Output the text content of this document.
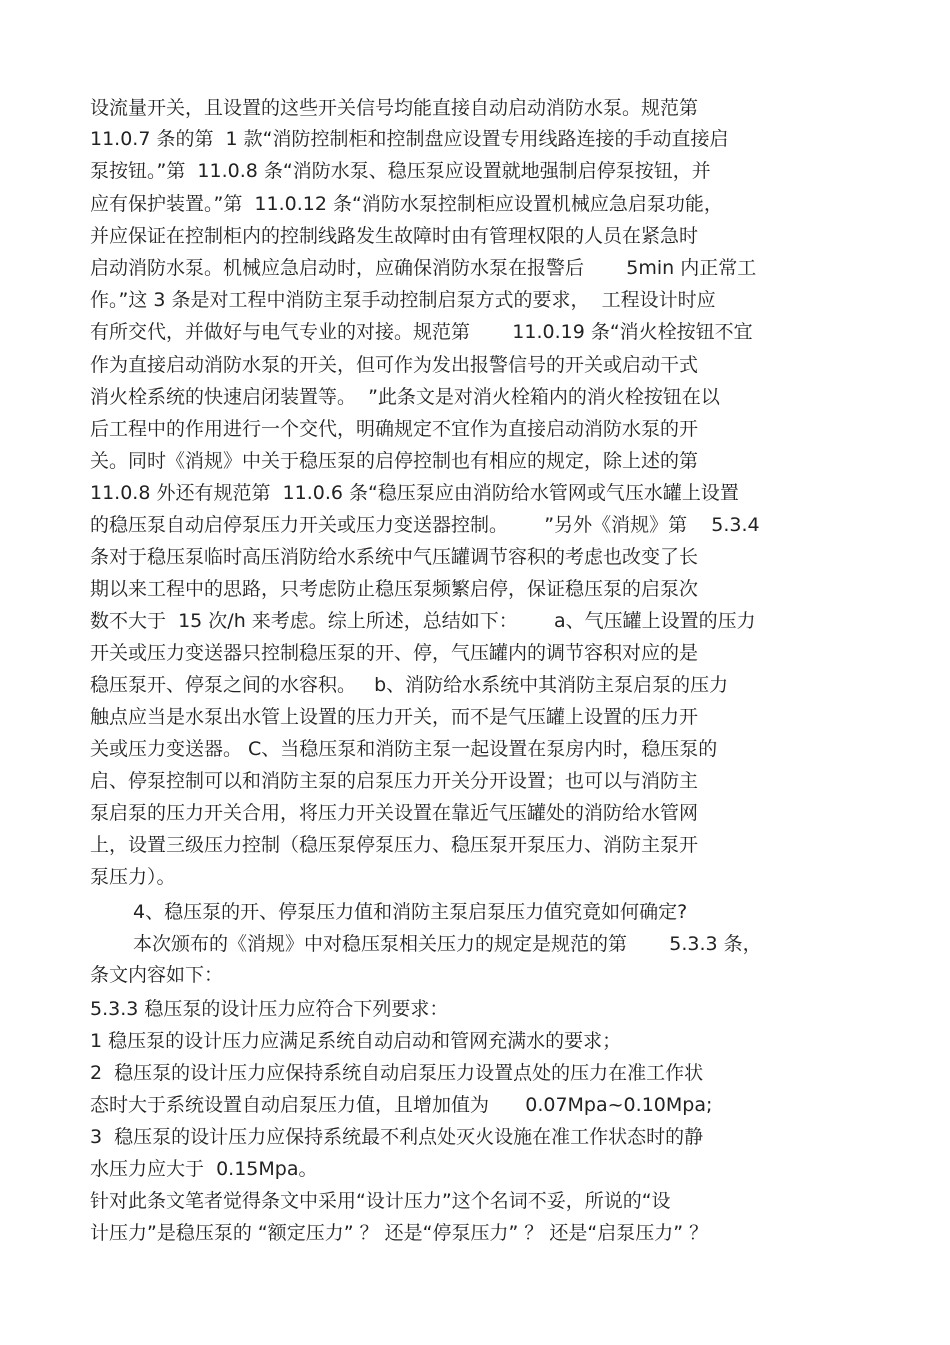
设流量开关，且设置的这些开关信号均能直接自动启动消防水泵。规范第
11.0.7 条的第  1 款“消防控制柜和控制盘应设置专用线路连接的手动直接启
泵按钮。”第  11.0.8 条“消防水泵、稳压泵应设置就地强制启停泵按钮，并
应有保护装置。”第  11.0.12 条“消防水泵控制柜应设置机械应急启泵功能，
并应保证在控制柜内的控制线路发生故障时由有管理权限的人员在紧急时
启动消防水泵。机械应急启动时，应确保消防水泵在报警后       5min 内正常工
作。”这 3 条是对工程中消防主泵手动控制启泵方式的要求，  工程设计时应
有所交代，并做好与电气专业的对接。规范第       11.0.19 条“消火栓按钮不宜
作为直接启动消防水泵的开关，但可作为发出报警信号的开关或启动干式
消火栓系统的快速启闭装置等。  ”此条文是对消火栓箱内的消火栓按钮在以
后工程中的作用进行一个交代，明确规定不宜作为直接启动消防水泵的开
关。同时《消规》中关于稳压泵的启停控制也有相应的规定，除上述的第
11.0.8 外还有规范第  11.0.6 条“稳压泵应由消防给水管网或气压水罐上设置
的稳压泵自动启停泵压力开关或压力变送器控制。      ”另外《消规》第    5.3.4
条对于稳压泵临时高压消防给水系统中气压罐调节容积的考虑也改变了长
期以来工程中的思路，只考虑防止稳压泵频繁启停，保证稳压泵的启泵次
数不大于  15 次/h 来考虑。综上所述，总结如下：      a、气压罐上设置的压力
开关或压力变送器只控制稳压泵的开、停，气压罐内的调节容积对应的是
稳压泵开、停泵之间的水容积。   b、消防给水系统中其消防主泵启泵的压力
触点应当是水泵出水管上设置的压力开关，而不是气压罐上设置的压力开
关或压力变送器。 C、当稳压泵和消防主泵一起设置在泵房内时，稳压泵的
启、停泵控制可以和消防主泵的启泵压力开关分开设置；也可以与消防主
泵启泵的压力开关合用，将压力开关设置在靠近气压罐处的消防给水管网
上，设置三级压力控制（稳压泵停泵压力、稳压泵开泵压力、消防主泵开
泵压力）。
4、稳压泵的开、停泵压力值和消防主泵启泵压力值究竟如何确定?
本次颁布的《消规》中对稳压泵相关压力的规定是规范的第       5.3.3 条，
条文内容如下：
5.3.3 稳压泵的设计压力应符合下列要求：
1 稳压泵的设计压力应满足系统自动启动和管网充满水的要求；
2  稳压泵的设计压力应保持系统自动启泵压力设置点处的压力在准工作状
态时大于系统设置自动启泵压力值，且增加值为      0.07Mpa~0.10Mpa;
3  稳压泵的设计压力应保持系统最不利点处灭火设施在准工作状态时的静
水压力应大于  0.15Mpa。
针对此条文笔者觉得条文中采用“设计压力”这个名词不妥，所说的“设
计压力”是稳压泵的 “额定压力” ？ 还是“停泵压力” ？ 还是“启泵压力” ？
